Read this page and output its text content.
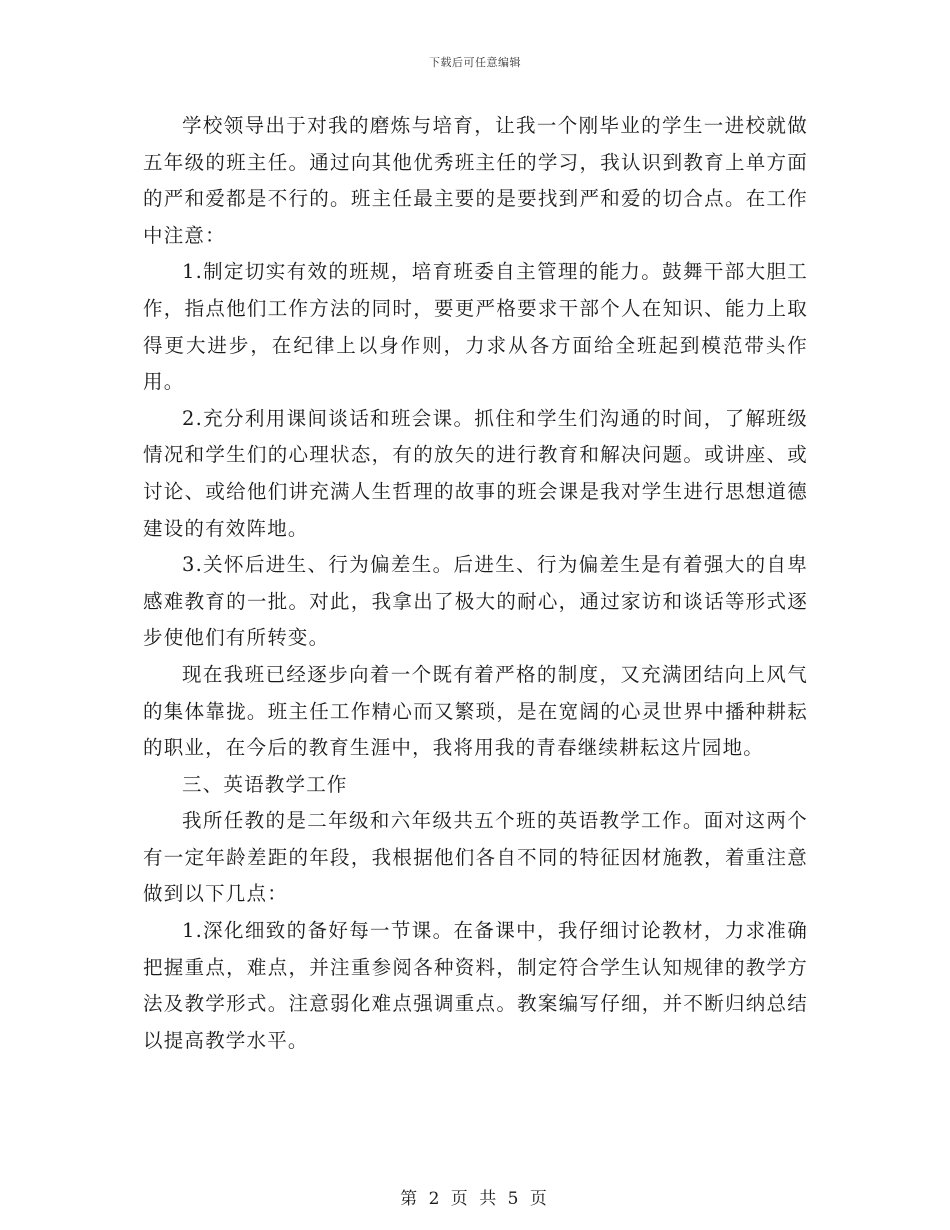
下载后可任意编辑

学校领导出于对我的磨炼与培育，让我一个刚毕业的学生一进校就做五年级的班主任。通过向其他优秀班主任的学习，我认识到教育上单方面的严和爱都是不行的。班主任最主要的是要找到严和爱的切合点。在工作中注意：

1.制定切实有效的班规，培育班委自主管理的能力。鼓舞干部大胆工作，指点他们工作方法的同时，要更严格要求干部个人在知识、能力上取得更大进步，在纪律上以身作则，力求从各方面给全班起到模范带头作用。

2.充分利用课间谈话和班会课。抓住和学生们沟通的时间，了解班级情况和学生们的心理状态，有的放矢的进行教育和解决问题。或讲座、或讨论、或给他们讲充满人生哲理的故事的班会课是我对学生进行思想道德建设的有效阵地。

3.关怀后进生、行为偏差生。后进生、行为偏差生是有着强大的自卑感难教育的一批。对此，我拿出了极大的耐心，通过家访和谈话等形式逐步使他们有所转变。

现在我班已经逐步向着一个既有着严格的制度，又充满团结向上风气的集体靠拢。班主任工作精心而又繁琐，是在宽阔的心灵世界中播种耕耘的职业，在今后的教育生涯中，我将用我的青春继续耕耘这片园地。

三、英语教学工作

我所任教的是二年级和六年级共五个班的英语教学工作。面对这两个有一定年龄差距的年段，我根据他们各自不同的特征因材施教，着重注意做到以下几点：

1.深化细致的备好每一节课。在备课中，我仔细讨论教材，力求准确把握重点，难点，并注重参阅各种资料，制定符合学生认知规律的教学方法及教学形式。注意弱化难点强调重点。教案编写仔细，并不断归纳总结以提高教学水平。

第 2 页 共 5 页
